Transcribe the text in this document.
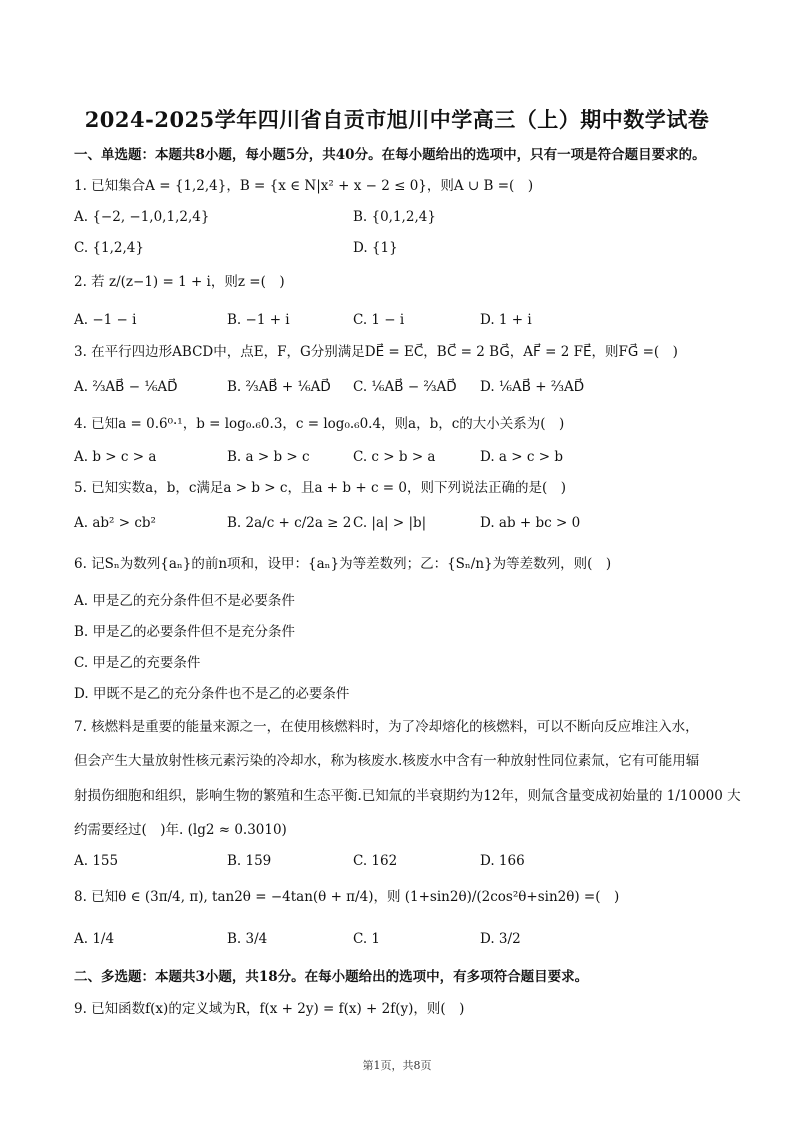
2024-2025学年四川省自贡市旭川中学高三（上）期中数学试卷
一、单选题：本题共8小题，每小题5分，共40分。在每小题给出的选项中，只有一项是符合题目要求的。
1. 已知集合A = {1,2,4}，B = {x ∈ N|x² + x − 2 ≤ 0}，则A ∪ B =(　)
A. {−2, −1,0,1,2,4}	B. {0,1,2,4}
C. {1,2,4}	D. {1}
2. 若 z/(z−1) = 1 + i，则z =(　)
A. −1 − i	B. −1 + i	C. 1 − i	D. 1 + i
3. 在平行四边形ABCD中，点E，F，G分别满足DE⃗ = EC⃗，BC⃗ = 2 BG⃗，AF⃗ = 2 FE⃗，则FG⃗ =(　)
A. ⅔AB⃗ − ⅙AD⃗	B. ⅔AB⃗ + ⅙AD⃗ C. ⅙AB⃗ − ⅔AD⃗ D. ⅙AB⃗ + ⅔AD⃗
4. 已知a = 0.6⁰·¹，b = log₀.₆0.3，c = log₀.₆0.4，则a，b，c的大小关系为(　)
A. b > c > a	B. a > b > c	C. c > b > a	D. a > c > b
5. 已知实数a，b，c满足a > b > c，且a + b + c = 0，则下列说法正确的是(　)
A. ab² > cb²	B. 2a/c + c/2a ≥ 2 C. |a| > |b|	D. ab + bc > 0
6. 记Sₙ为数列{aₙ}的前n项和，设甲：{aₙ}为等差数列；乙：{Sₙ/n}为等差数列，则(　)
A. 甲是乙的充分条件但不是必要条件
B. 甲是乙的必要条件但不是充分条件
C. 甲是乙的充要条件
D. 甲既不是乙的充分条件也不是乙的必要条件
7. 核燃料是重要的能量来源之一，在使用核燃料时，为了冷却熔化的核燃料，可以不断向反应堆注入水，
但会产生大量放射性核元素污染的冷却水，称为核废水.核废水中含有一种放射性同位素氚，它有可能用辐
射损伤细胞和组织，影响生物的繁殖和生态平衡.已知氚的半衰期约为12年，则氚含量变成初始量的 1/10000 大
约需要经过(　)年. (lg2 ≈ 0.3010)
A. 155	B. 159	C. 162	D. 166
8. 已知θ ∈ (3π/4, π), tan2θ = −4tan(θ + π/4)，则 (1+sin2θ)/(2cos²θ+sin2θ) =(　)
A. 1/4	B. 3/4	C. 1	D. 3/2
二、多选题：本题共3小题，共18分。在每小题给出的选项中，有多项符合题目要求。
9. 已知函数f(x)的定义域为R，f(x + 2y) = f(x) + 2f(y)，则(　)
第1页，共8页
